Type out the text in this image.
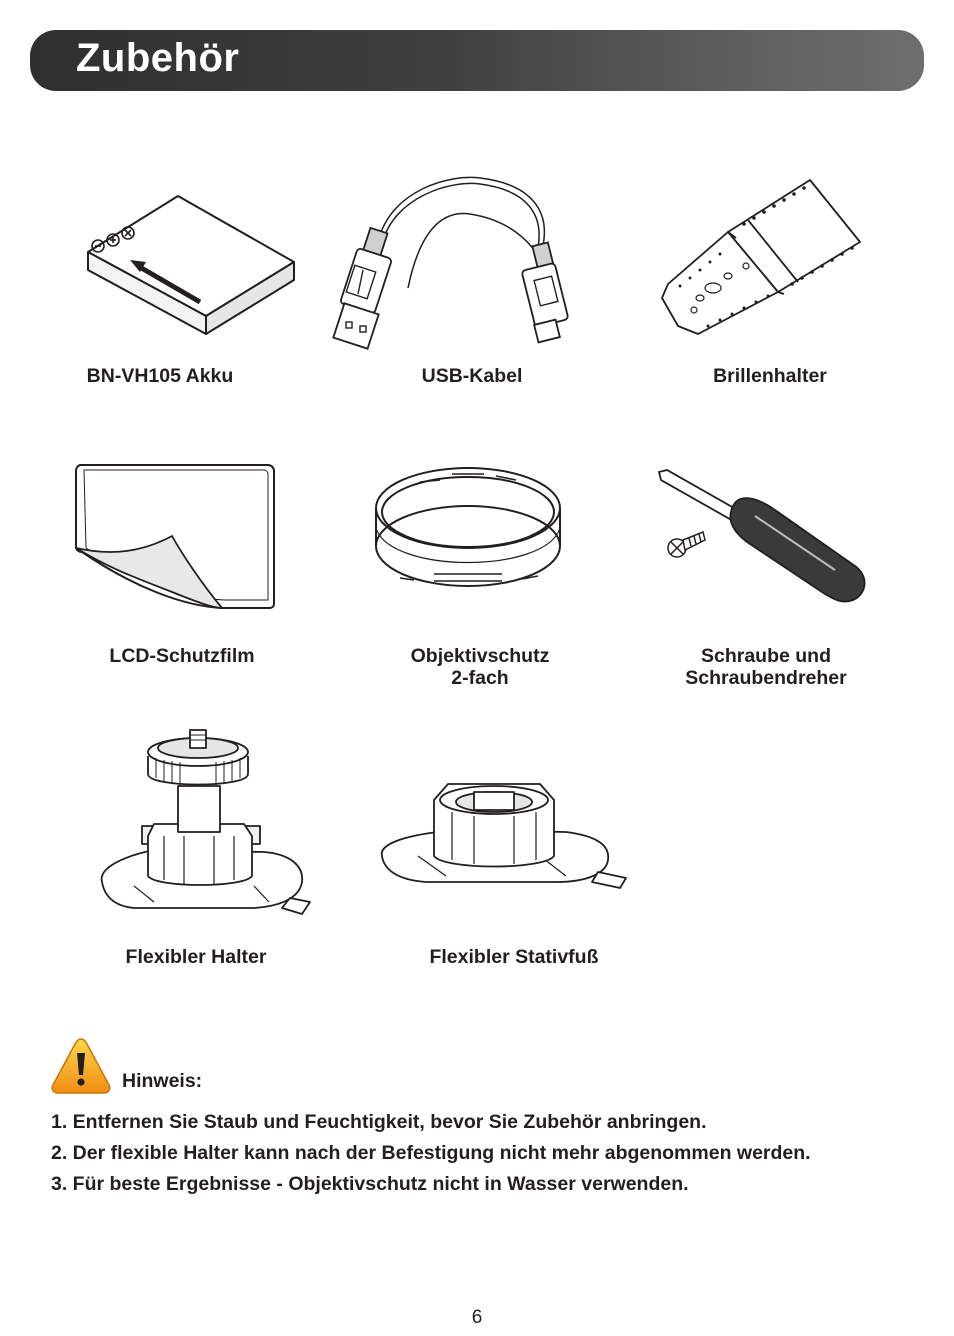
Zubehör
BN-VH105 Akku	USB-Kabel	Brillenhalter
LCD-Schutzfilm	Objektivschutz
2-fach
Schraube und
Schraubendreher
Flexibler Halter	Flexibler Stativfuß
Hinweis:
1. Entfernen Sie Staub und Feuchtigkeit, bevor Sie Zubehör anbringen.
2. Der flexible Halter kann nach der Befestigung nicht mehr abgenommen werden.
3. Für beste Ergebnisse - Objektivschutz nicht in Wasser verwenden.
6
